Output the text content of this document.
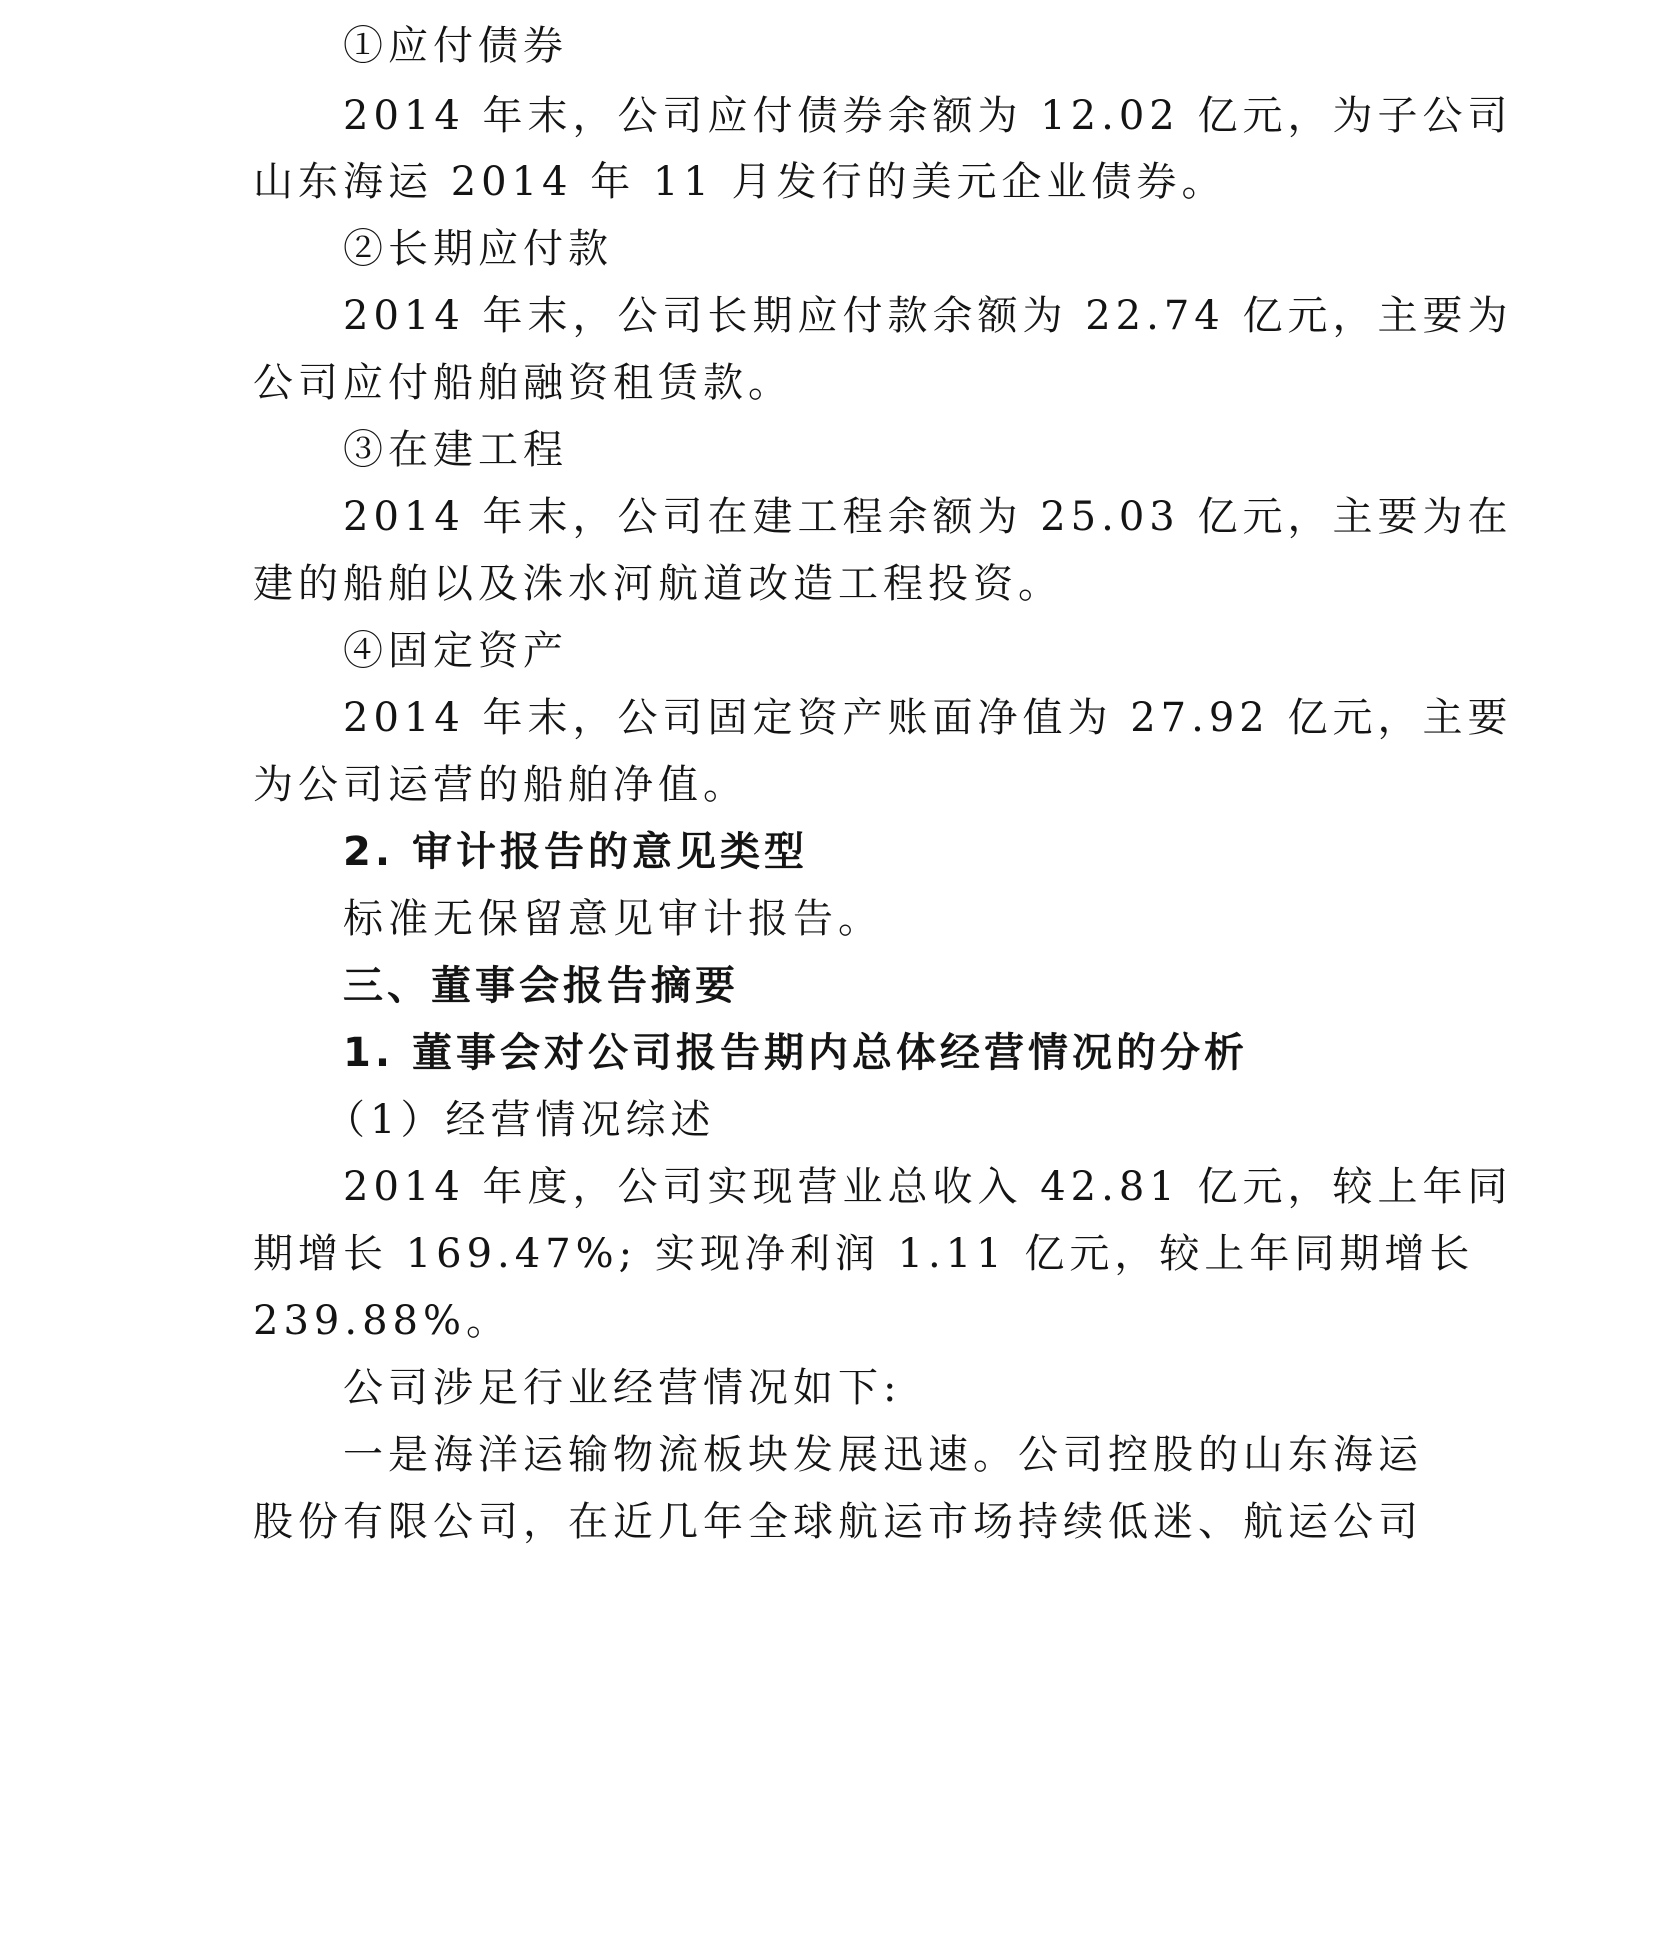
①应付债券
2014 年末，公司应付债券余额为 12.02 亿元，为子公司
山东海运 2014 年 11 月发行的美元企业债券。
②长期应付款
2014 年末，公司长期应付款余额为 22.74 亿元，主要为
公司应付船舶融资租赁款。
③在建工程
2014 年末，公司在建工程余额为 25.03 亿元，主要为在
建的船舶以及洙水河航道改造工程投资。
④固定资产
2014 年末，公司固定资产账面净值为 27.92 亿元，主要
为公司运营的船舶净值。
2. 审计报告的意见类型
标准无保留意见审计报告。
三、董事会报告摘要
1. 董事会对公司报告期内总体经营情况的分析
（1）经营情况综述
2014 年度，公司实现营业总收入 42.81 亿元，较上年同
期增长 169.47%; 实现净利润 1.11 亿元，较上年同期增长
239.88%。
公司涉足行业经营情况如下:
一是海洋运输物流板块发展迅速。公司控股的山东海运
股份有限公司，在近几年全球航运市场持续低迷、航运公司
